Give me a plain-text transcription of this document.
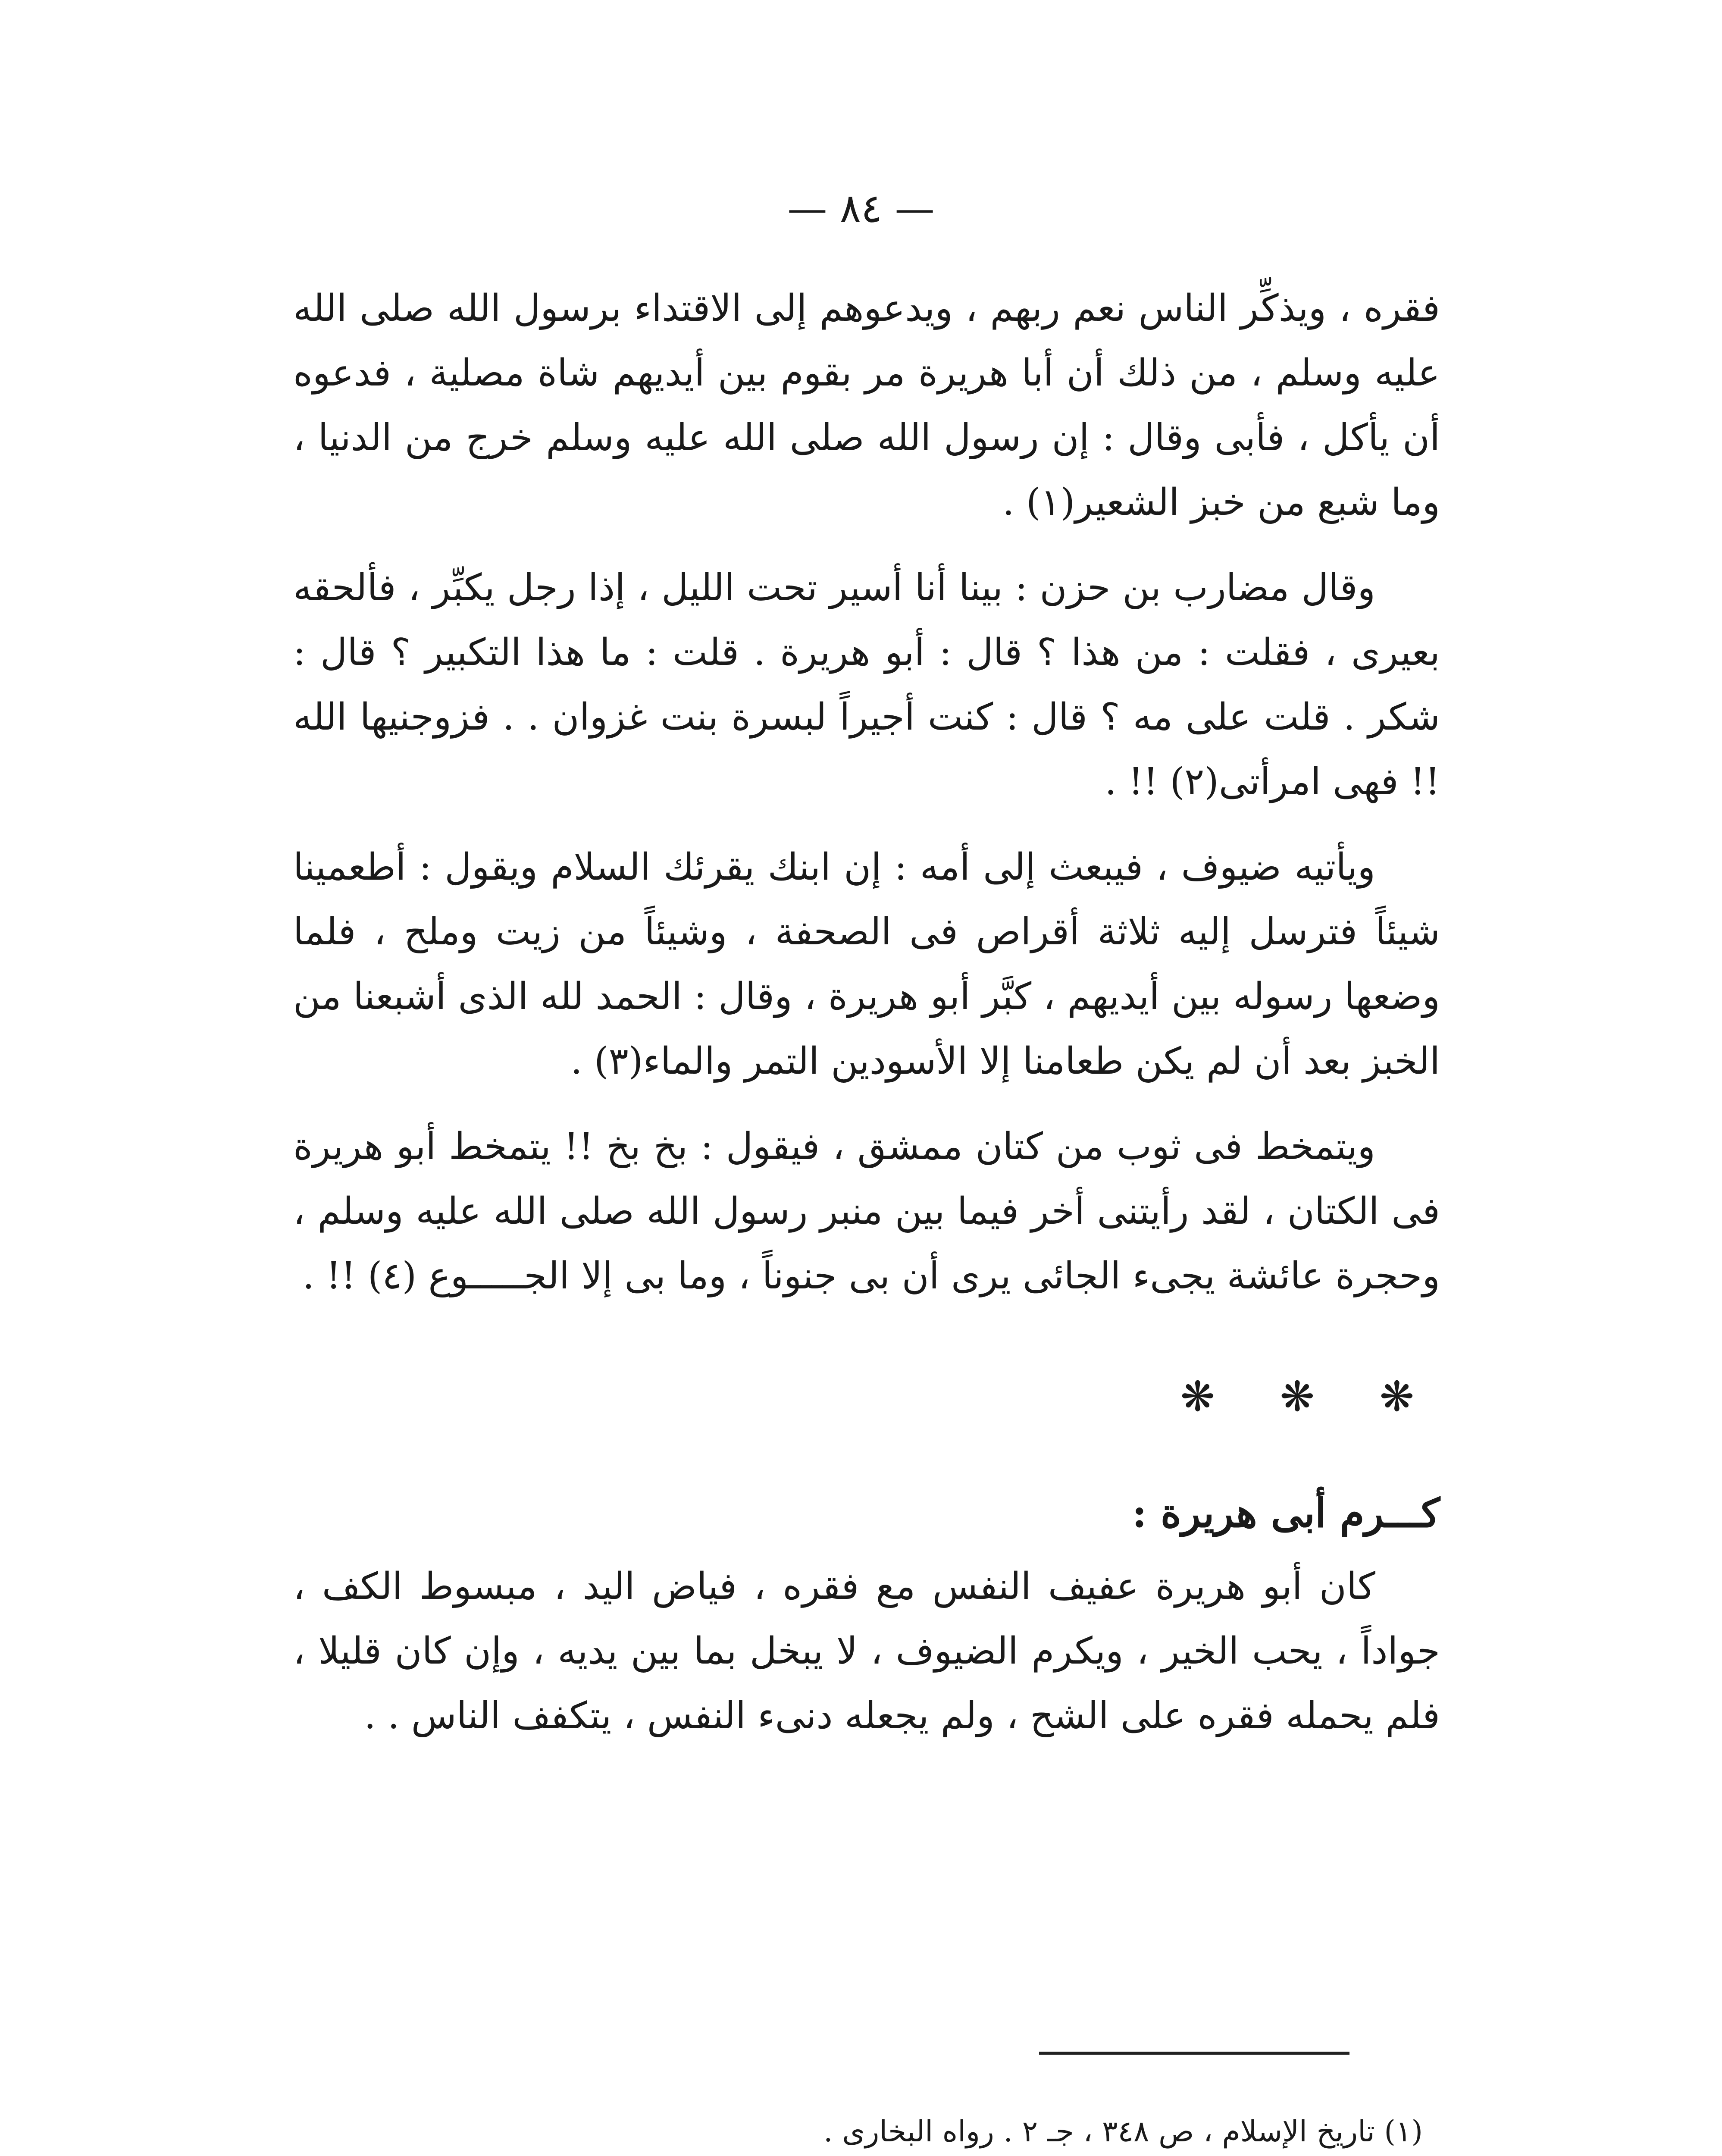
— ٨٤ —

فقره ، ويذكِّر الناس نعم ربهم ، ويدعوهم إلى الاقتداء برسول الله صلى الله عليه وسلم ، من ذلك أن أبا هريرة مر بقوم بين أيديهم شاة مصلية ، فدعوه أن يأكل ، فأبى وقال : إن رسول الله صلى الله عليه وسلم خرج من الدنيا ، وما شبع من خبز الشعير(١) .

وقال مضارب بن حزن : بينا أنا أسير تحت الليل ، إذا رجل يكبِّر ، فألحقه بعيرى ، فقلت : من هذا ؟ قال : أبو هريرة . قلت : ما هذا التكبير ؟ قال : شكر . قلت على مه ؟ قال : كنت أجيراً لبسرة بنت غزوان . . فزوجنيها الله !! فهى امرأتى(٢) !! .

ويأتيه ضيوف ، فيبعث إلى أمه : إن ابنك يقرئك السلام ويقول : أطعمينا شيئاً فترسل إليه ثلاثة أقراص فى الصحفة ، وشيئاً من زيت وملح ، فلما وضعها رسوله بين أيديهم ، كبَّر أبو هريرة ، وقال : الحمد لله الذى أشبعنا من الخبز بعد أن لم يكن طعامنا إلا الأسودين التمر والماء(٣) .

ويتمخط فى ثوب من كتان ممشق ، فيقول : بخ بخ !! يتمخط أبو هريرة فى الكتان ، لقد رأيتنى أخر فيما بين منبر رسول الله صلى الله عليه وسلم ، وحجرة عائشة يجىء الجائى يرى أن بى جنوناً ، وما بى إلا الجـــــوع (٤) !! .

❋ ❋ ❋
كـــرم أبى هريرة :

كان أبو هريرة عفيف النفس مع فقره ، فياض اليد ، مبسوط الكف ، جواداً ، يحب الخير ، ويكرم الضيوف ، لا يبخل بما بين يديه ، وإن كان قليلا ، فلم يحمله فقره على الشح ، ولم يجعله دنىء النفس ، يتكفف الناس . .

(١) تاريخ الإسلام ، ص ٣٤٨ ، جـ ٢ . رواه البخارى .
